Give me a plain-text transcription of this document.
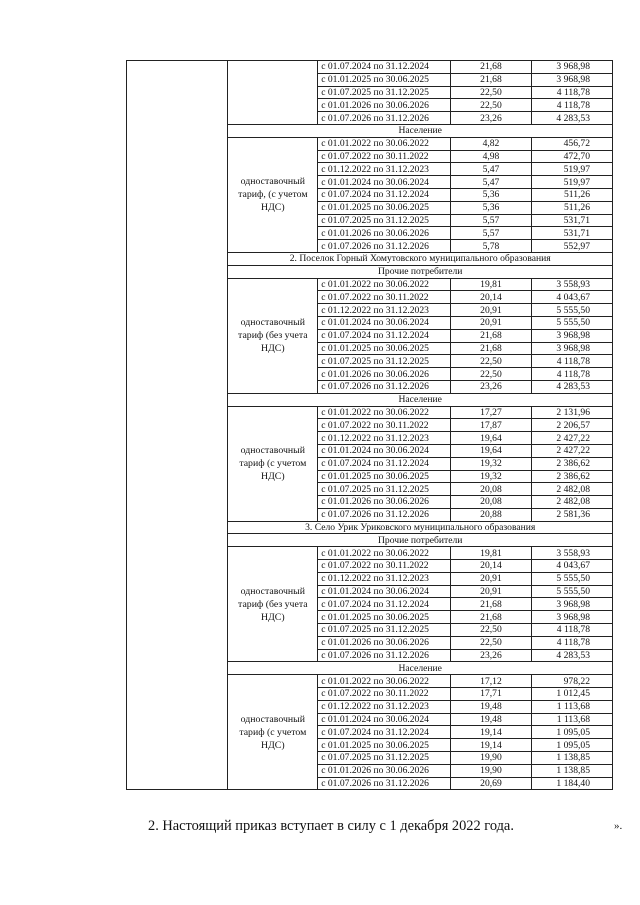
		с 01.07.2024 по 31.12.2024	21,68	3 968,98
		с 01.01.2025 по 30.06.2025	21,68	3 968,98
		с 01.07.2025 по 31.12.2025	22,50	4 118,78
		с 01.01.2026 по 30.06.2026	22,50	4 118,78
		с 01.07.2026 по 31.12.2026	23,26	4 283,53
	Население			
	одноставочный тариф, (с учетом НДС)	с 01.01.2022 по 30.06.2022	4,82	456,72
		с 01.07.2022 по 30.11.2022	4,98	472,70
		с 01.12.2022 по 31.12.2023	5,47	519,97
		с 01.01.2024 по 30.06.2024	5,47	519,97
		с 01.07.2024 по 31.12.2024	5,36	511,26
		с 01.01.2025 по 30.06.2025	5,36	511,26
		с 01.07.2025 по 31.12.2025	5,57	531,71
		с 01.01.2026 по 30.06.2026	5,57	531,71
		с 01.07.2026 по 31.12.2026	5,78	552,97
	2. Поселок Горный Хомутовского муниципального образования			
	Прочие потребители			
	одноставочный тариф (без учета НДС)	с 01.01.2022 по 30.06.2022	19,81	3 558,93
		с 01.07.2022 по 30.11.2022	20,14	4 043,67
		с 01.12.2022 по 31.12.2023	20,91	5 555,50
		с 01.01.2024 по 30.06.2024	20,91	5 555,50
		с 01.07.2024 по 31.12.2024	21,68	3 968,98
		с 01.01.2025 по 30.06.2025	21,68	3 968,98
		с 01.07.2025 по 31.12.2025	22,50	4 118,78
		с 01.01.2026 по 30.06.2026	22,50	4 118,78
		с 01.07.2026 по 31.12.2026	23,26	4 283,53
	Население			
	одноставочный тариф (с учетом НДС)	с 01.01.2022 по 30.06.2022	17,27	2 131,96
		с 01.07.2022 по 30.11.2022	17,87	2 206,57
		с 01.12.2022 по 31.12.2023	19,64	2 427,22
		с 01.01.2024 по 30.06.2024	19,64	2 427,22
		с 01.07.2024 по 31.12.2024	19,32	2 386,62
		с 01.01.2025 по 30.06.2025	19,32	2 386,62
		с 01.07.2025 по 31.12.2025	20,08	2 482,08
		с 01.01.2026 по 30.06.2026	20,08	2 482,08
		с 01.07.2026 по 31.12.2026	20,88	2 581,36
	3. Село Урик Уриковского муниципального образования			
	Прочие потребители			
	одноставочный тариф (без учета НДС)	с 01.01.2022 по 30.06.2022	19,81	3 558,93
		с 01.07.2022 по 30.11.2022	20,14	4 043,67
		с 01.12.2022 по 31.12.2023	20,91	5 555,50
		с 01.01.2024 по 30.06.2024	20,91	5 555,50
		с 01.07.2024 по 31.12.2024	21,68	3 968,98
		с 01.01.2025 по 30.06.2025	21,68	3 968,98
		с 01.07.2025 по 31.12.2025	22,50	4 118,78
		с 01.01.2026 по 30.06.2026	22,50	4 118,78
		с 01.07.2026 по 31.12.2026	23,26	4 283,53
	Население			
	одноставочный тариф (с учетом НДС)	с 01.01.2022 по 30.06.2022	17,12	978,22
		с 01.07.2022 по 30.11.2022	17,71	1 012,45
		с 01.12.2022 по 31.12.2023	19,48	1 113,68
		с 01.01.2024 по 30.06.2024	19,48	1 113,68
		с 01.07.2024 по 31.12.2024	19,14	1 095,05
		с 01.01.2025 по 30.06.2025	19,14	1 095,05
		с 01.07.2025 по 31.12.2025	19,90	1 138,85
		с 01.01.2026 по 30.06.2026	19,90	1 138,85
		с 01.07.2026 по 31.12.2026	20,69	1 184,40
».
2. Настоящий приказ вступает в силу с 1 декабря 2022 года.
